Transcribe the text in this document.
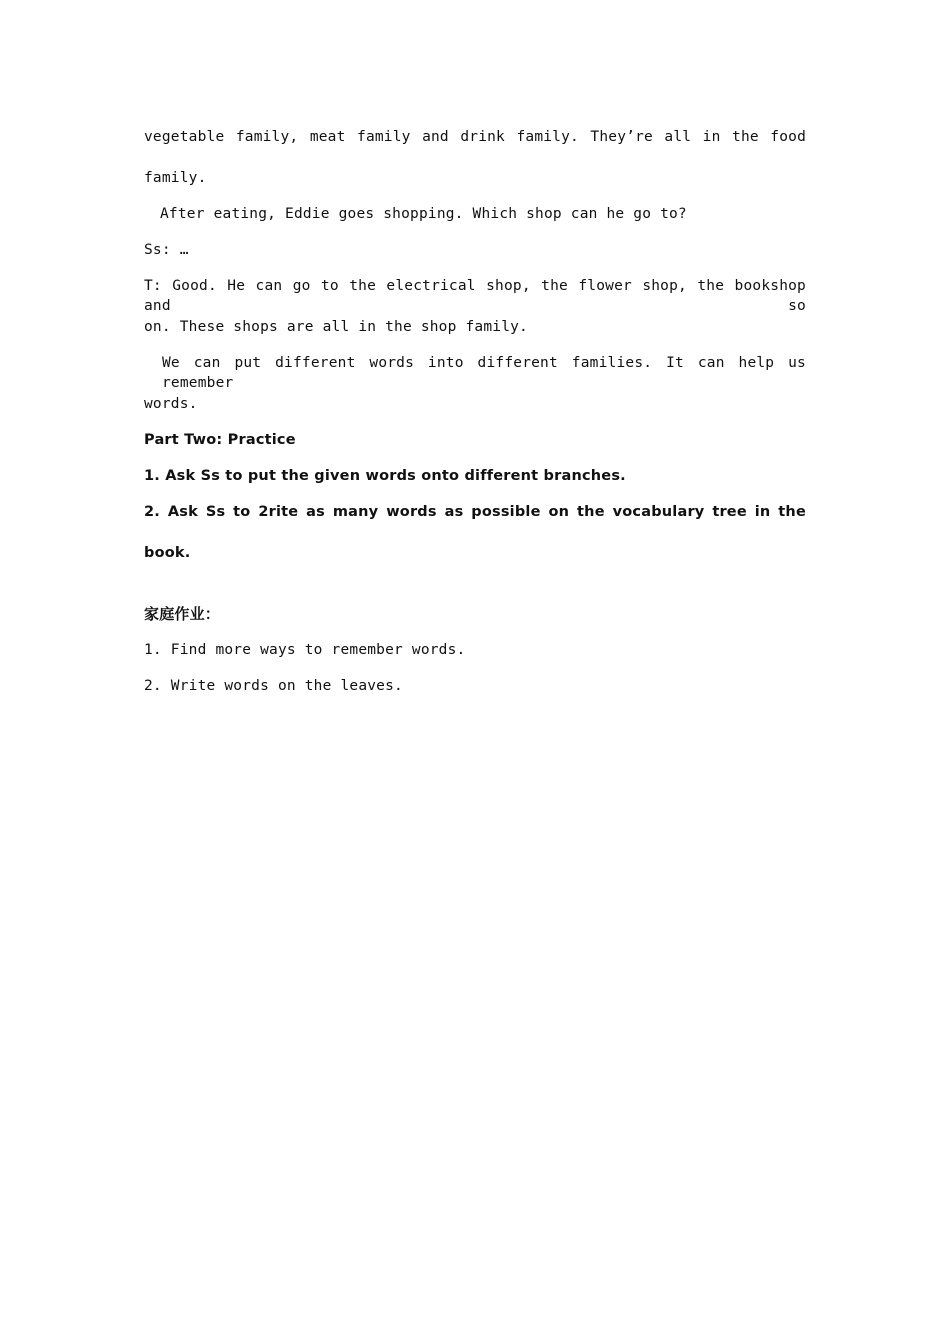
vegetable family, meat family and drink family. They’re all in the food
family.
After eating, Eddie goes shopping. Which shop can he go to?
Ss: …
T: Good. He can go to the electrical shop, the flower shop, the bookshop and so
on. These shops are all in the shop family.
We can put different words into different families. It can help us remember
words.
Part Two: Practice
1. Ask Ss to put the given words onto different branches.
2. Ask Ss to 2rite as many words as possible on the vocabulary tree in the
book.
家庭作业：
1. Find more ways to remember words.
2. Write words on the leaves.
